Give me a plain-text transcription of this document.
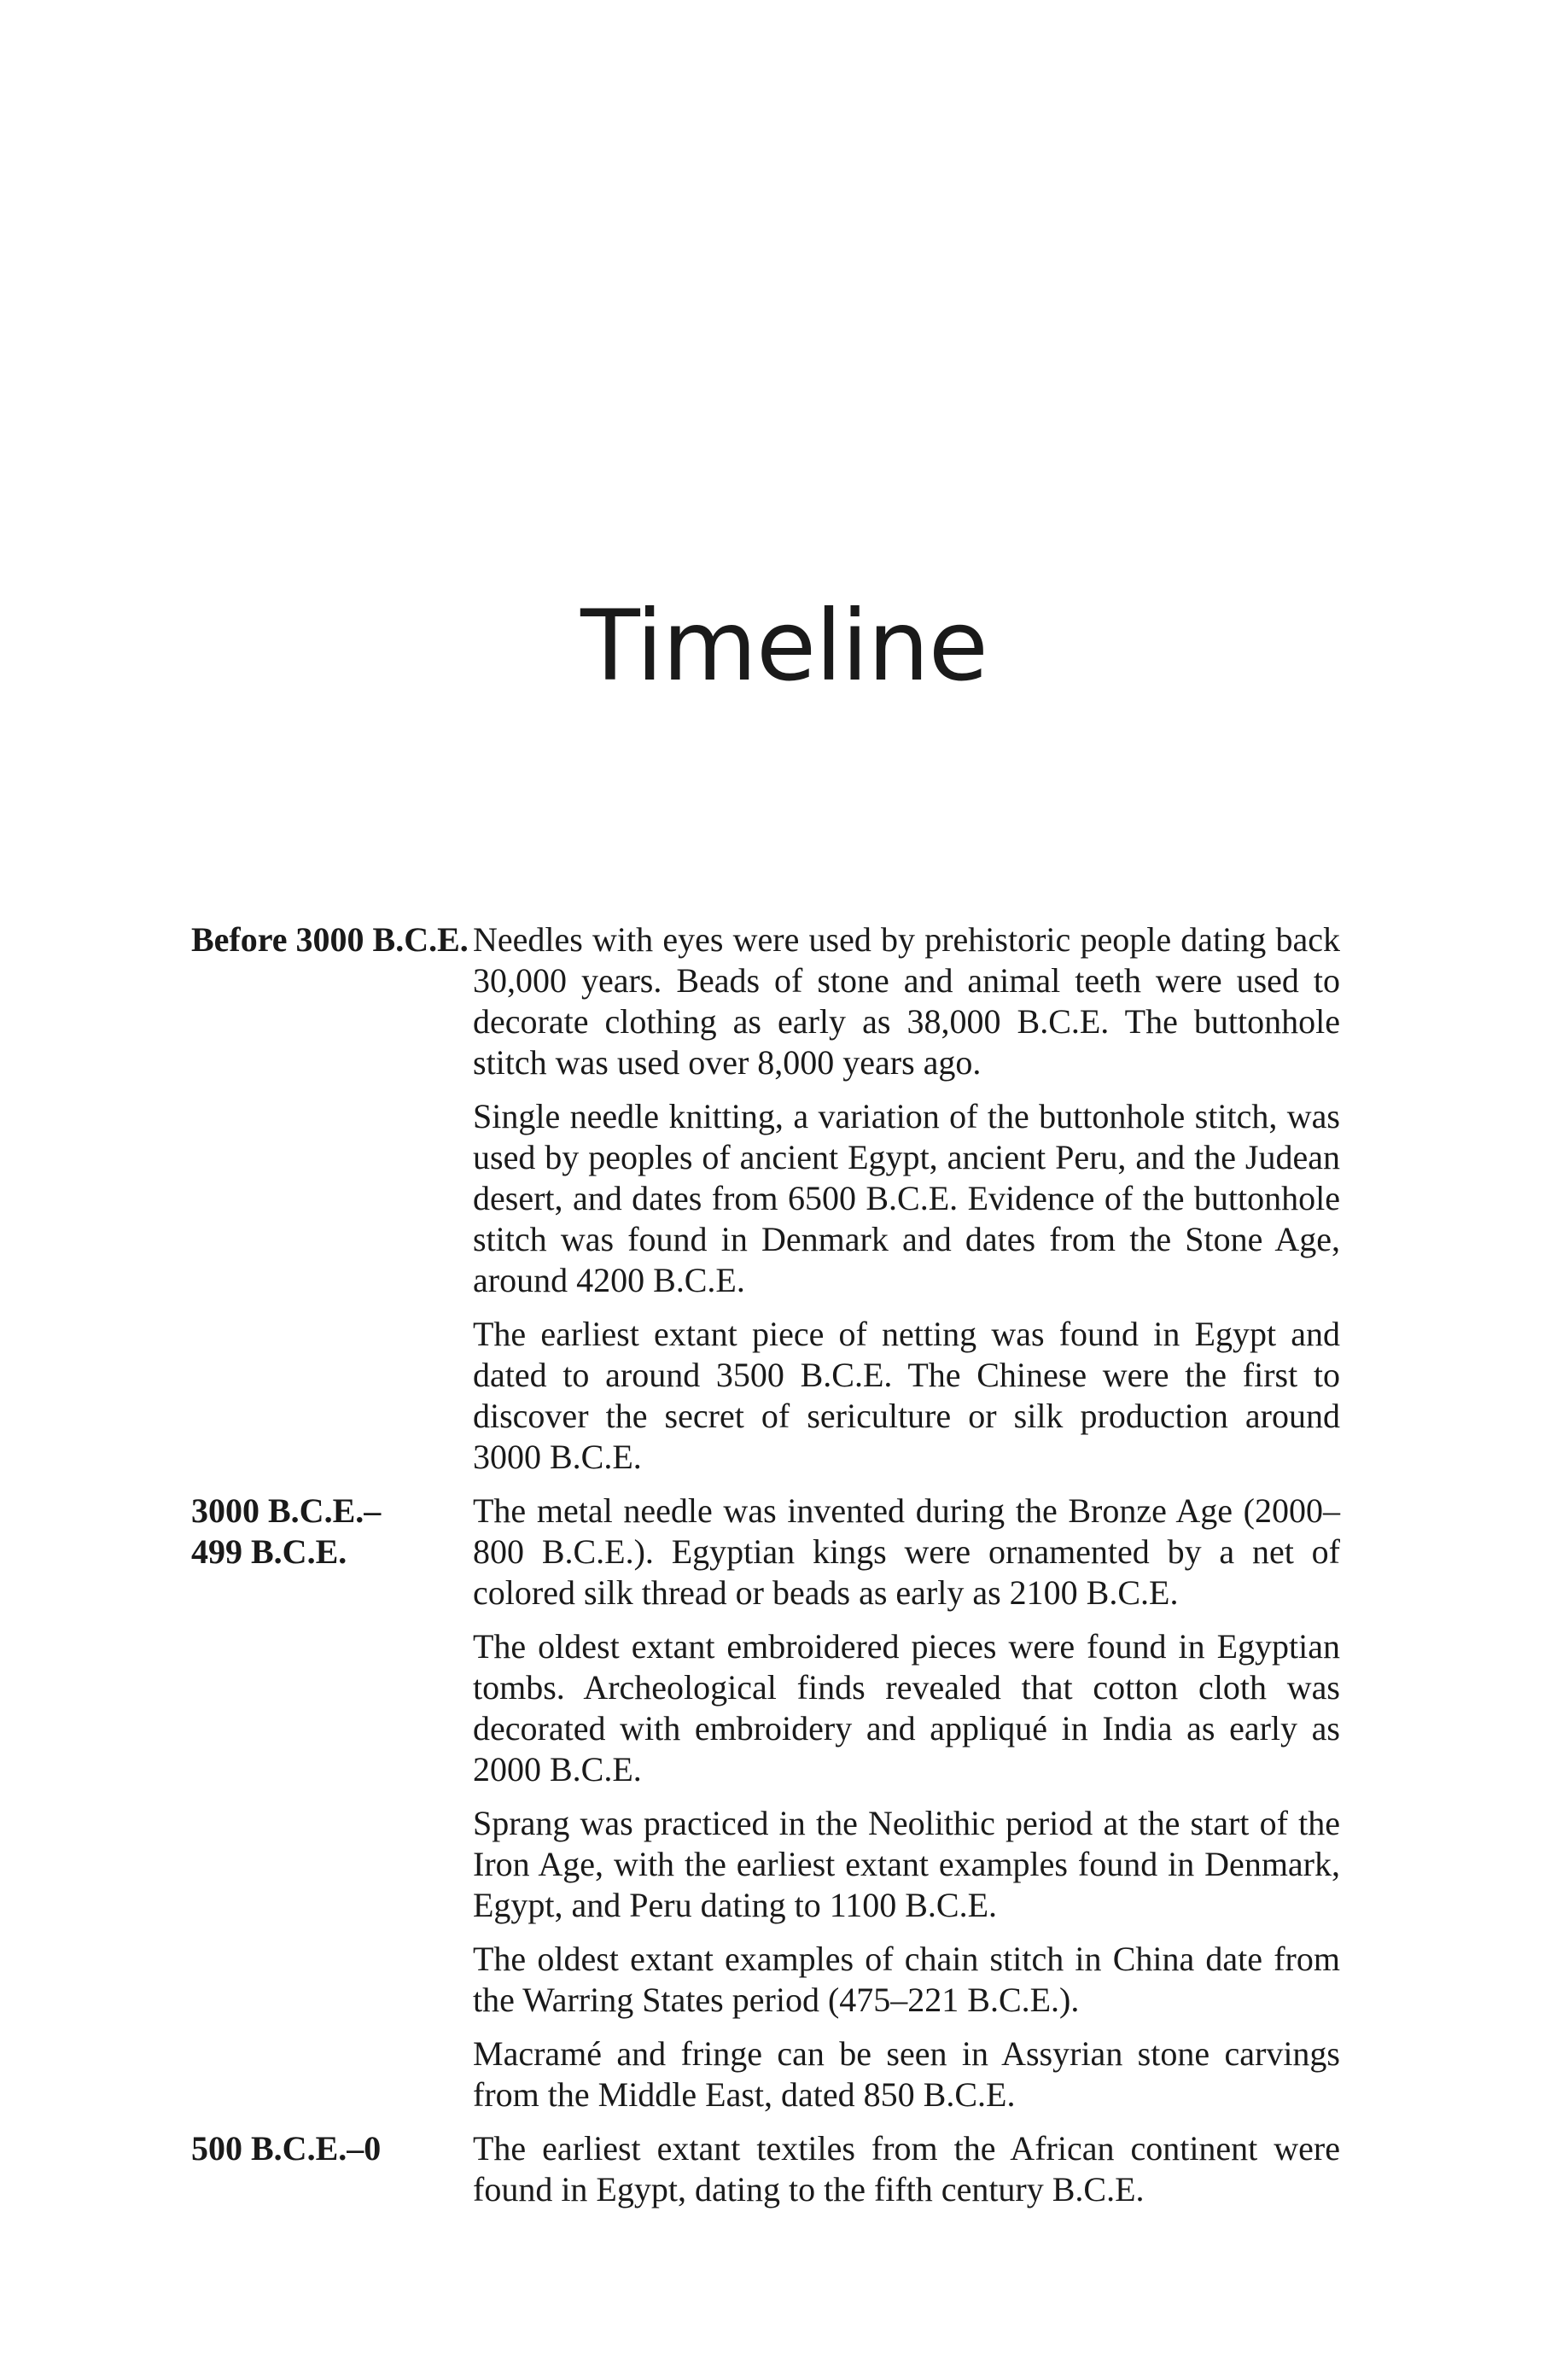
Timeline
Before 3000 B.C.E. Needles with eyes were used by prehistoric people dating back 30,000 years. Beads of stone and animal teeth were used to decorate clothing as early as 38,000 B.C.E. The buttonhole stitch was used over 8,000 years ago.

Single needle knitting, a variation of the buttonhole stitch, was used by peoples of ancient Egypt, ancient Peru, and the Judean desert, and dates from 6500 B.C.E. Evidence of the buttonhole stitch was found in Denmark and dates from the Stone Age, around 4200 B.C.E.

The earliest extant piece of netting was found in Egypt and dated to around 3500 B.C.E. The Chinese were the first to discover the secret of sericulture or silk production around 3000 B.C.E.

3000 B.C.E.–
499 B.C.E.

The metal needle was invented during the Bronze Age (2000–800 B.C.E.). Egyptian kings were ornamented by a net of colored silk thread or beads as early as 2100 B.C.E.

The oldest extant embroidered pieces were found in Egyptian tombs. Archeological finds revealed that cotton cloth was decorated with embroidery and appliqué in India as early as 2000 B.C.E.

Sprang was practiced in the Neolithic period at the start of the Iron Age, with the earliest extant examples found in Denmark, Egypt, and Peru dating to 1100 B.C.E.

The oldest extant examples of chain stitch in China date from the Warring States period (475–221 B.C.E.).

Macramé and fringe can be seen in Assyrian stone carvings from the Middle East, dated 850 B.C.E.

500 B.C.E.–0	The earliest extant textiles from the African continent were found in Egypt, dating to the fifth century B.C.E.
